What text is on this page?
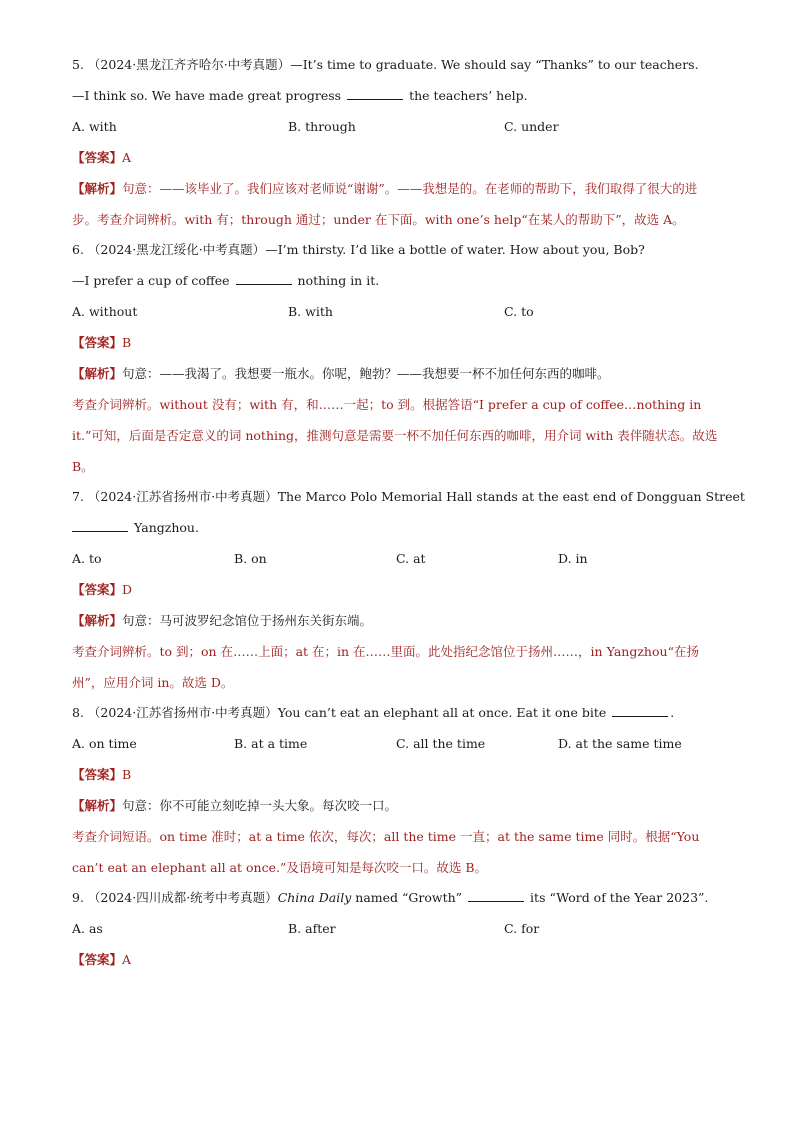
5. （2024·黑龙江齐齐哈尔·中考真题）—It’s time to graduate. We should say “Thanks” to our teachers.
—I think so. We have made great progress	the teachers’ help.
A. with	B. through	C. under
【答案】A
【解析】句意：——该毕业了。我们应该对老师说“谢谢”。——我想是的。在老师的帮助下，我们取得了很大的进步。考查介词辨析。with 有；through 通过；under 在下面。with one’s help“在某人的帮助下”，故选 A。
6. （2024·黑龙江绥化·中考真题）—I’m thirsty. I’d like a bottle of water. How about you, Bob?
—I prefer a cup of coffee	nothing in it.
A. without	B. with	C. to
【答案】B
【解析】句意：——我渴了。我想要一瓶水。你呢，鲍勃？——我想要一杯不加任何东西的咖啡。
考查介词辨析。without 没有；with 有，和……一起；to 到。根据答语“I prefer a cup of coffee…nothing in it.”可知，后面是否定意义的词 nothing，推测句意是需要一杯不加任何东西的咖啡，用介词 with 表伴随状态。故选 B。
7. （2024·江苏省扬州市·中考真题）The Marco Polo Memorial Hall stands at the east end of Dongguan Street
Yangzhou.
A. to	B. on	C. at	D. in
【答案】D
【解析】句意：马可波罗纪念馆位于扬州东关街东端。
考查介词辨析。to 到；on 在……上面；at 在；in 在……里面。此处指纪念馆位于扬州……，in Yangzhou“在扬州”，应用介词 in。故选 D。
8. （2024·江苏省扬州市·中考真题）You can’t eat an elephant all at once. Eat it one bite	.
A. on time	B. at a time	C. all the time	D. at the same time
【答案】B
【解析】句意：你不可能立刻吃掉一头大象。每次咬一口。
考查介词短语。on time 准时；at a time 依次，每次；all the time 一直；at the same time 同时。根据“You can’t eat an elephant all at once.”及语境可知是每次咬一口。故选 B。
9. （2024·四川成都·统考中考真题）China Daily named “Growth”	its “Word of the Year 2023”.
A. as	B. after	C. for
【答案】A
